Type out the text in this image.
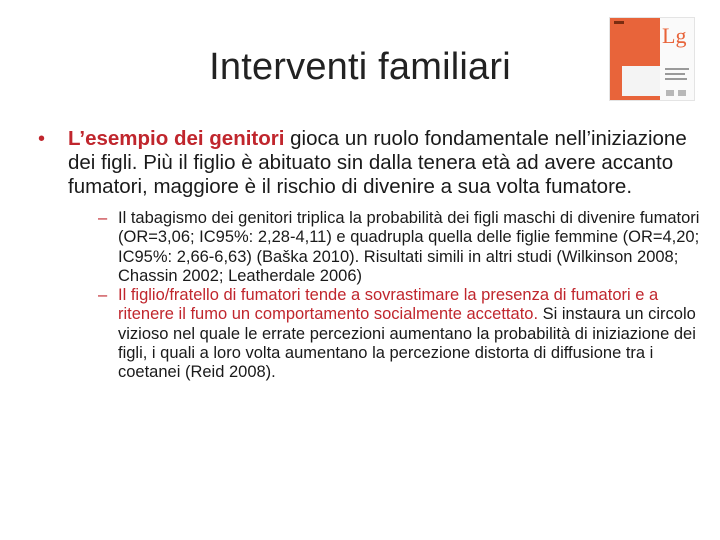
Interventi familiari
Lg
• L’esempio dei genitori gioca un ruolo fondamentale nell’iniziazione dei figli. Più il figlio è abituato sin dalla tenera età ad avere accanto fumatori, maggiore è il rischio di divenire a sua volta fumatore.
– Il tabagismo dei genitori triplica la probabilità dei figli maschi di divenire fumatori (OR=3,06; IC95%: 2,28-4,11) e quadrupla quella delle figlie femmine (OR=4,20; IC95%: 2,66-6,63) (Baška 2010). Risultati simili in altri studi (Wilkinson 2008; Chassin 2002; Leatherdale 2006)
– Il figlio/fratello di fumatori tende a sovrastimare la presenza di fumatori e a ritenere il fumo un comportamento socialmente accettato. Si instaura un circolo vizioso nel quale le errate percezioni aumentano la probabilità di iniziazione dei figli, i quali a loro volta aumentano la percezione distorta di diffusione tra i coetanei (Reid 2008).
